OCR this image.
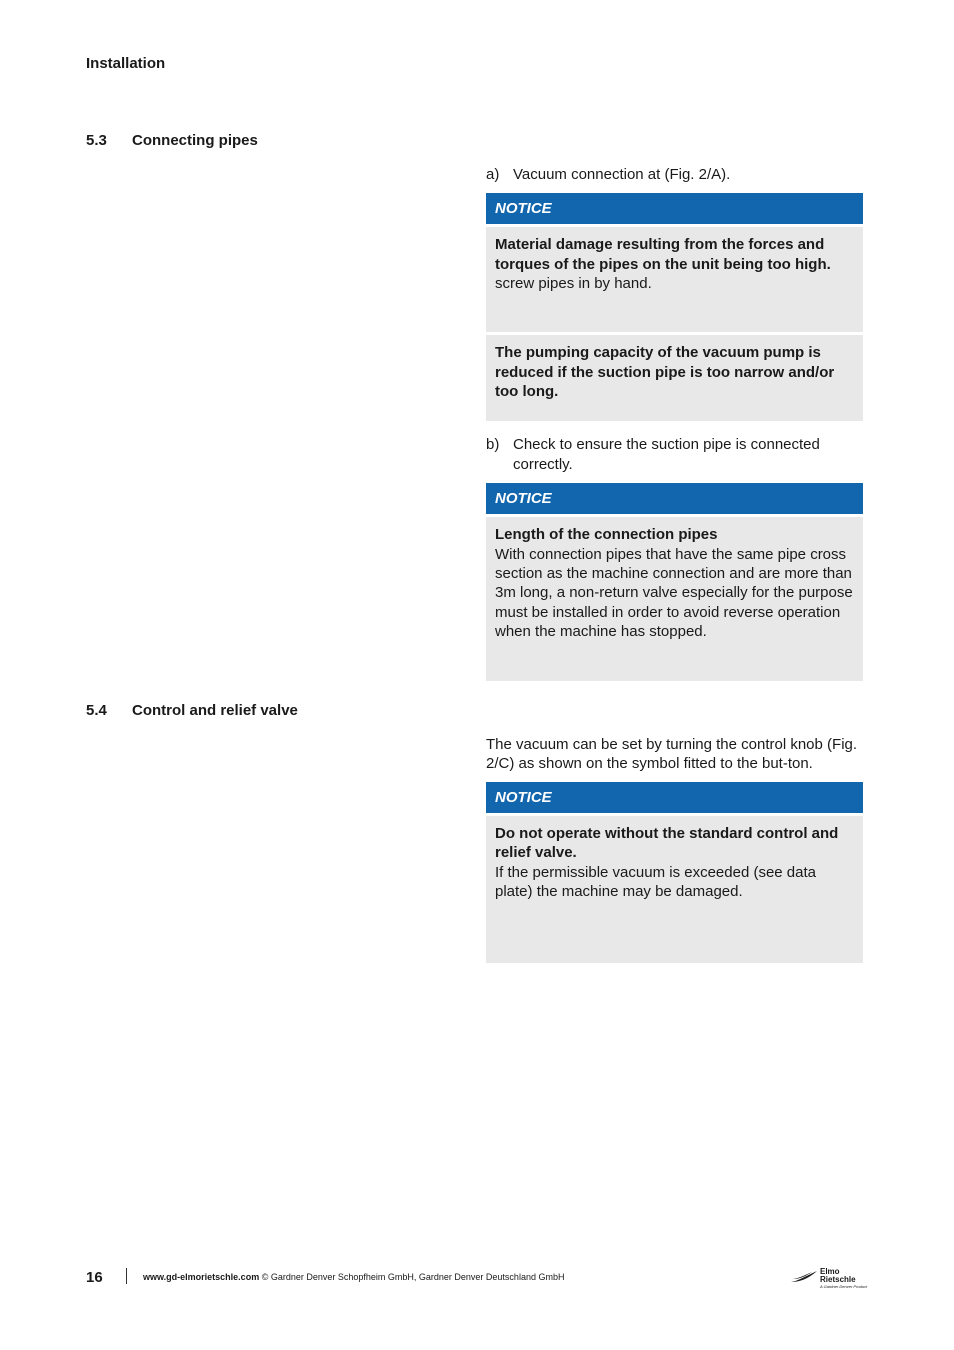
Installation
5.3 Connecting pipes
a) Vacuum connection at (Fig. 2/A).
NOTICE
Material damage resulting from the forces and torques of the pipes on the unit being too high.
screw pipes in by hand.
The pumping capacity of the vacuum pump is reduced if the suction pipe is too narrow and/or too long.
b) Check to ensure the suction pipe is connected correctly.
NOTICE
Length of the connection pipes
With connection pipes that have the same pipe cross section as the machine connection and are more than 3m long, a non-return valve especially for the purpose must be installed in order to avoid reverse operation when the machine has stopped.
5.4 Control and relief valve
The vacuum can be set by turning the control knob (Fig. 2/C) as shown on the symbol fitted to the but-ton.
NOTICE
Do not operate without the standard control and relief valve.
If the permissible vacuum is exceeded (see data plate) the machine may be damaged.
16	www.gd-elmorietschle.com © Gardner Denver Schopfheim GmbH, Gardner Denver Deutschland GmbH
Elmo
Rietschle
A Gardner Denver Product
